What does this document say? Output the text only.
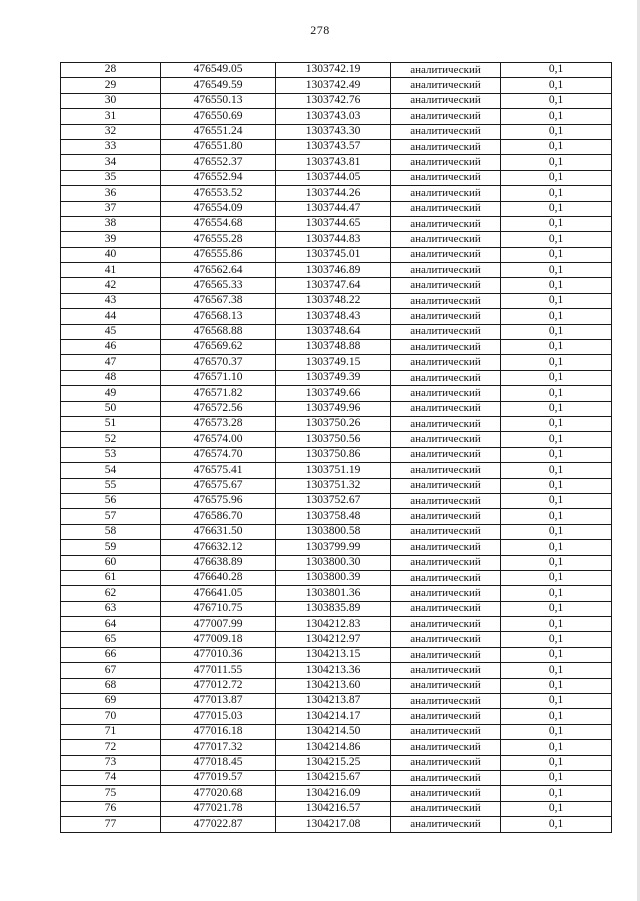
278
28	476549.05	1303742.19	аналитический	0,1
29	476549.59	1303742.49	аналитический	0,1
30	476550.13	1303742.76	аналитический	0,1
31	476550.69	1303743.03	аналитический	0,1
32	476551.24	1303743.30	аналитический	0,1
33	476551.80	1303743.57	аналитический	0,1
34	476552.37	1303743.81	аналитический	0,1
35	476552.94	1303744.05	аналитический	0,1
36	476553.52	1303744.26	аналитический	0,1
37	476554.09	1303744.47	аналитический	0,1
38	476554.68	1303744.65	аналитический	0,1
39	476555.28	1303744.83	аналитический	0,1
40	476555.86	1303745.01	аналитический	0,1
41	476562.64	1303746.89	аналитический	0,1
42	476565.33	1303747.64	аналитический	0,1
43	476567.38	1303748.22	аналитический	0,1
44	476568.13	1303748.43	аналитический	0,1
45	476568.88	1303748.64	аналитический	0,1
46	476569.62	1303748.88	аналитический	0,1
47	476570.37	1303749.15	аналитический	0,1
48	476571.10	1303749.39	аналитический	0,1
49	476571.82	1303749.66	аналитический	0,1
50	476572.56	1303749.96	аналитический	0,1
51	476573.28	1303750.26	аналитический	0,1
52	476574.00	1303750.56	аналитический	0,1
53	476574.70	1303750.86	аналитический	0,1
54	476575.41	1303751.19	аналитический	0,1
55	476575.67	1303751.32	аналитический	0,1
56	476575.96	1303752.67	аналитический	0,1
57	476586.70	1303758.48	аналитический	0,1
58	476631.50	1303800.58	аналитический	0,1
59	476632.12	1303799.99	аналитический	0,1
60	476638.89	1303800.30	аналитический	0,1
61	476640.28	1303800.39	аналитический	0,1
62	476641.05	1303801.36	аналитический	0,1
63	476710.75	1303835.89	аналитический	0,1
64	477007.99	1304212.83	аналитический	0,1
65	477009.18	1304212.97	аналитический	0,1
66	477010.36	1304213.15	аналитический	0,1
67	477011.55	1304213.36	аналитический	0,1
68	477012.72	1304213.60	аналитический	0,1
69	477013.87	1304213.87	аналитический	0,1
70	477015.03	1304214.17	аналитический	0,1
71	477016.18	1304214.50	аналитический	0,1
72	477017.32	1304214.86	аналитический	0,1
73	477018.45	1304215.25	аналитический	0,1
74	477019.57	1304215.67	аналитический	0,1
75	477020.68	1304216.09	аналитический	0,1
76	477021.78	1304216.57	аналитический	0,1
77	477022.87	1304217.08	аналитический	0,1
